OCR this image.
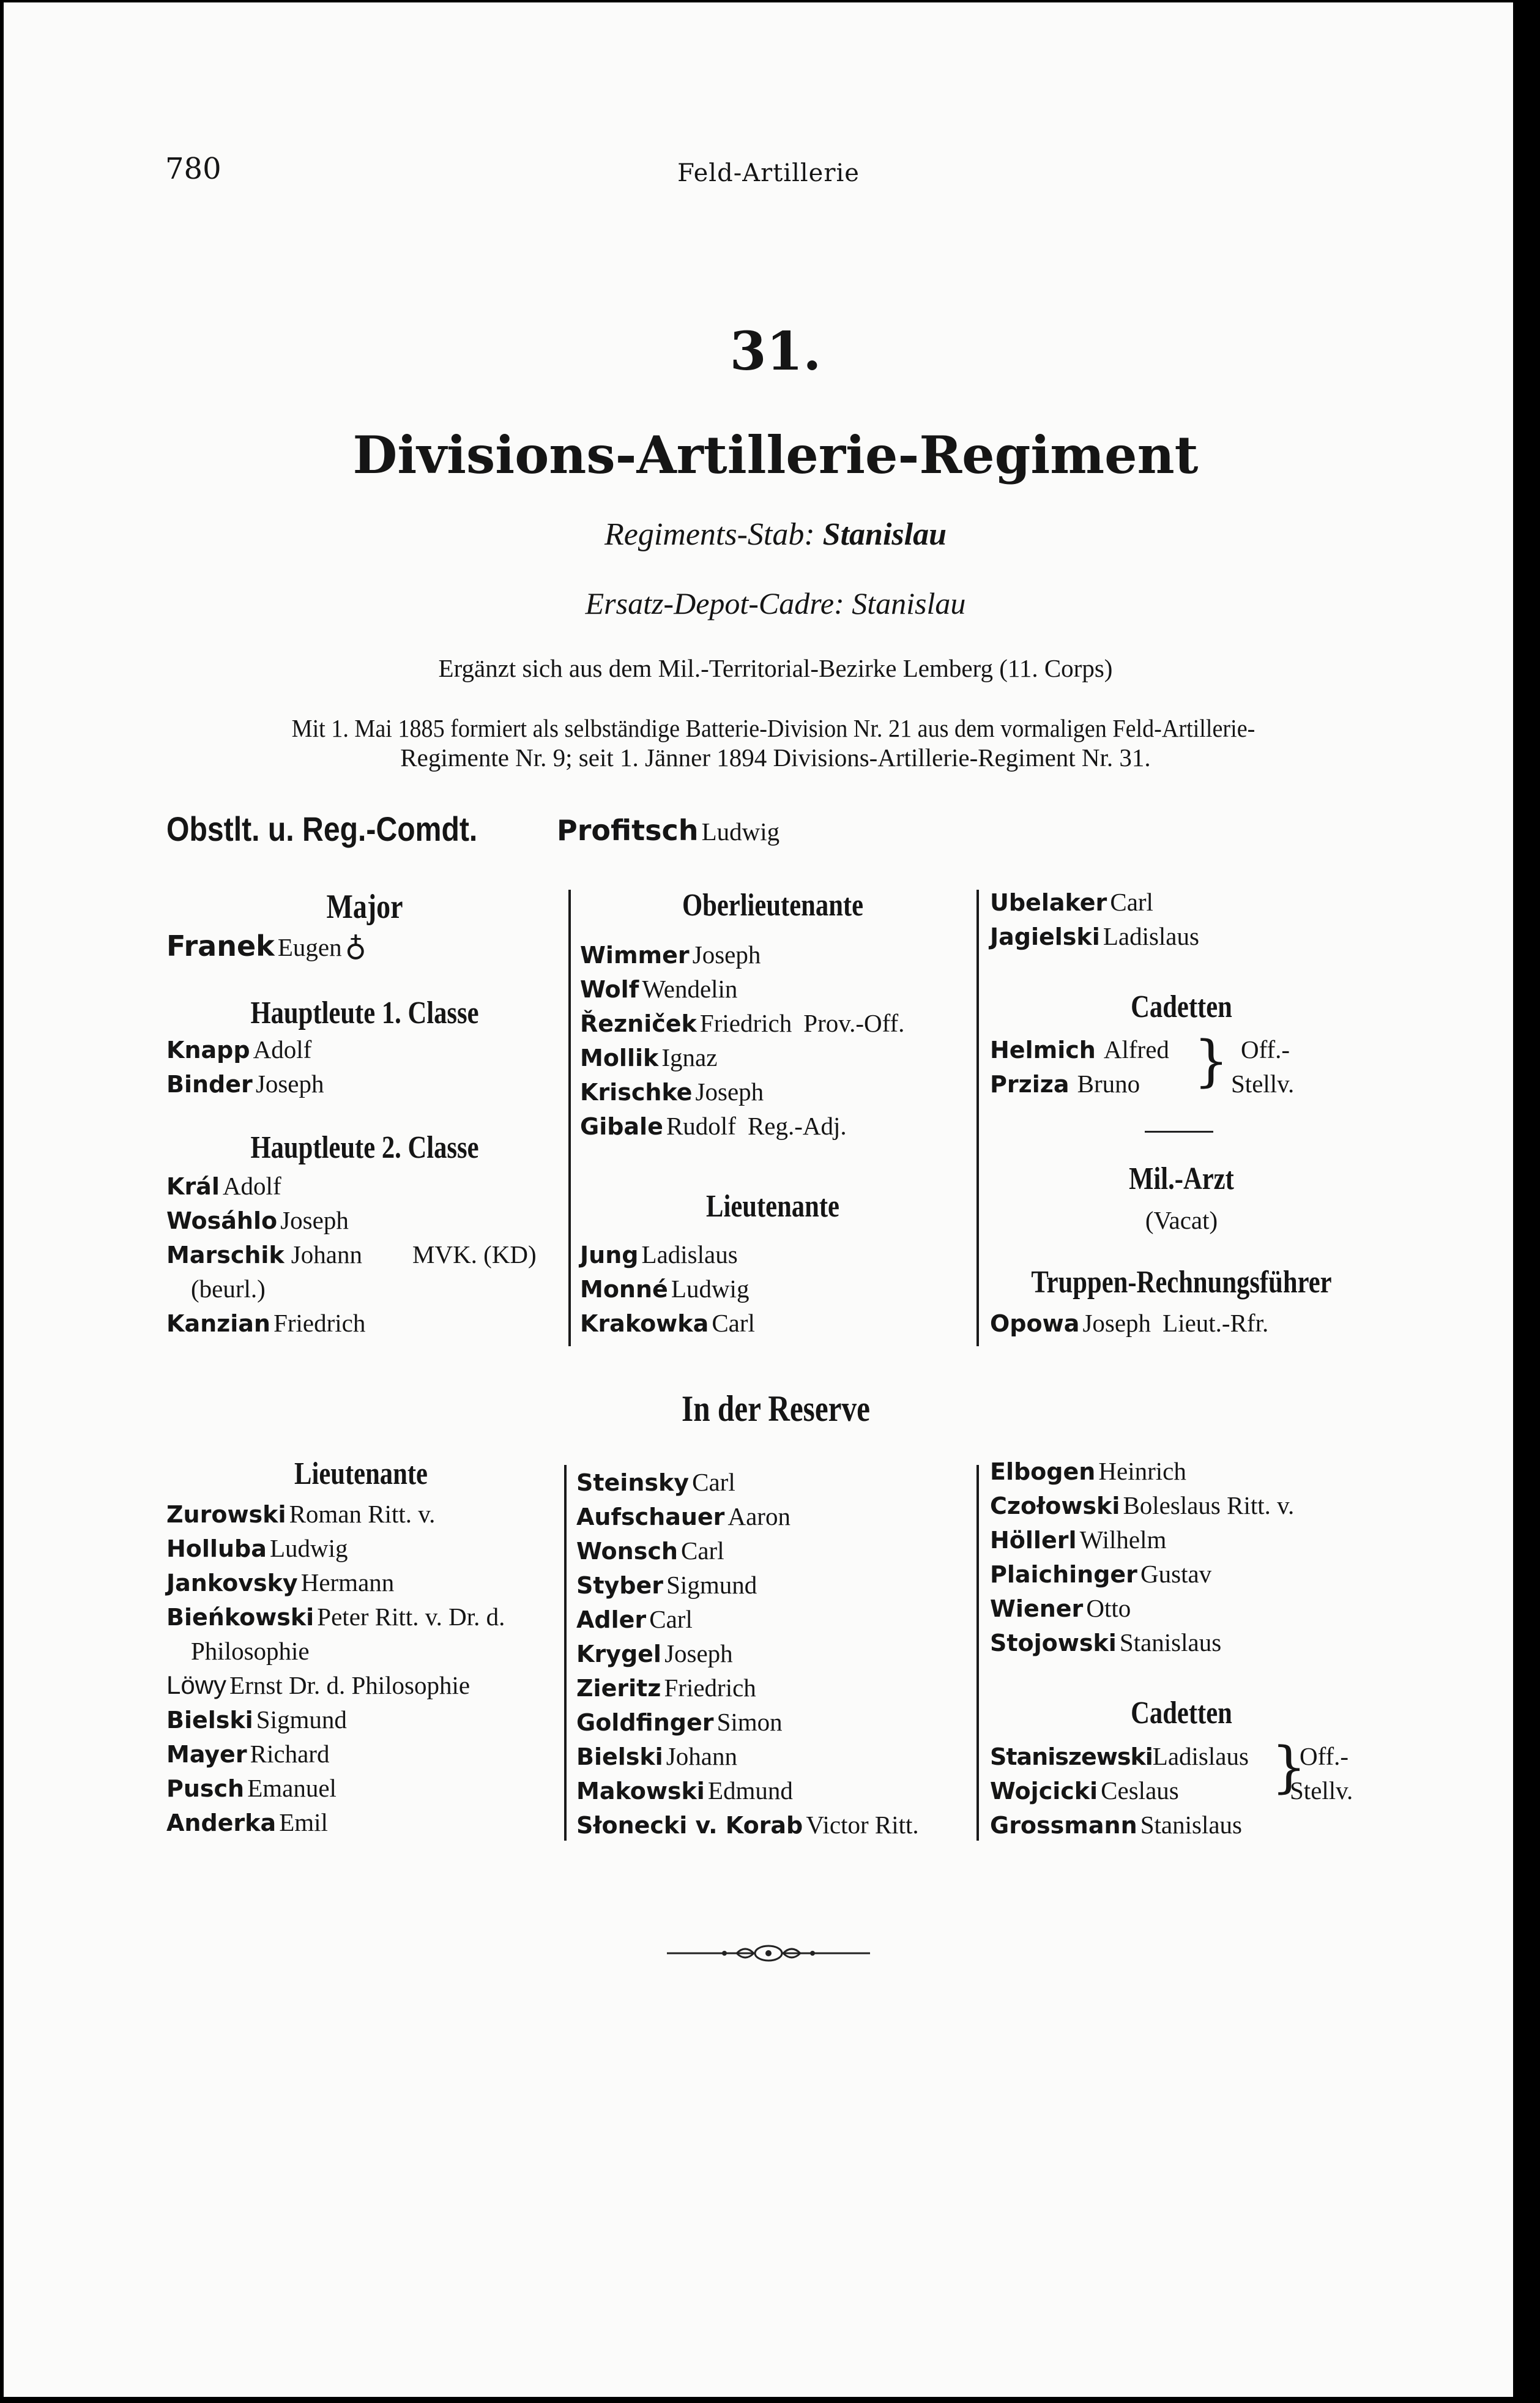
780	Feld-Artillerie
31.
Divisions-Artillerie-Regiment
Regiments-Stab: Stanislau
Ersatz-Depot-Cadre: Stanislau
Ergänzt sich aus dem Mil.-Territorial-Bezirke Lemberg (11. Corps)
Mit 1. Mai 1885 formiert als selbständige Batterie-Division Nr. 21 aus dem vormaligen Feld-Artillerie-
Regimente Nr. 9; seit 1. Jänner 1894 Divisions-Artillerie-Regiment Nr. 31.
Obstlt. u. Reg.-Comdt.	Profitsch Ludwig
Major
Franek Eugen ♁
Hauptleute 1. Classe
Knapp Adolf
Binder Joseph
Hauptleute 2. Classe
Král Adolf
Wosáhlo Joseph
Marschik Johann MVK. (KD)
(beurl.)
Kanzian Friedrich
Oberlieutenante
Wimmer Joseph
Wolf Wendelin
Řezniček Friedrich Prov.-Off.
Mollik Ignaz
Krischke Joseph
Gibale Rudolf Reg.-Adj.
Lieutenante
Jung Ladislaus
Monné Ludwig
Krakowka Carl
Ubelaker Carl
Jagielski Ladislaus
Cadetten
Helmich Alfred
Prziza Bruno } Off.-
Stellv.
Mil.-Arzt
(Vacat)
Truppen-Rechnungsführer
Opowa Joseph Lieut.-Rfr.
In der Reserve
Lieutenante
Zurowski Roman Ritt. v.
Holluba Ludwig
Jankovsky Hermann
Bieńkowski Peter Ritt. v. Dr. d.
Philosophie
Löwy Ernst Dr. d. Philosophie
Bielski Sigmund
Mayer Richard
Pusch Emanuel
Anderka Emil
Steinsky Carl
Aufschauer Aaron
Wonsch Carl
Styber Sigmund
Adler Carl
Krygel Joseph
Zieritz Friedrich
Goldfinger Simon
Bielski Johann
Makowski Edmund
Słonecki v. Korab Victor Ritt.
Elbogen Heinrich
Czołowski Boleslaus Ritt. v.
Höllerl Wilhelm
Plaichinger Gustav
Wiener Otto
Stojowski Stanislaus
Cadetten
StaniszewskiLadislaus
Wojcicki Ceslaus
Grossmann Stanislaus
}
Off.-
Stellv.
